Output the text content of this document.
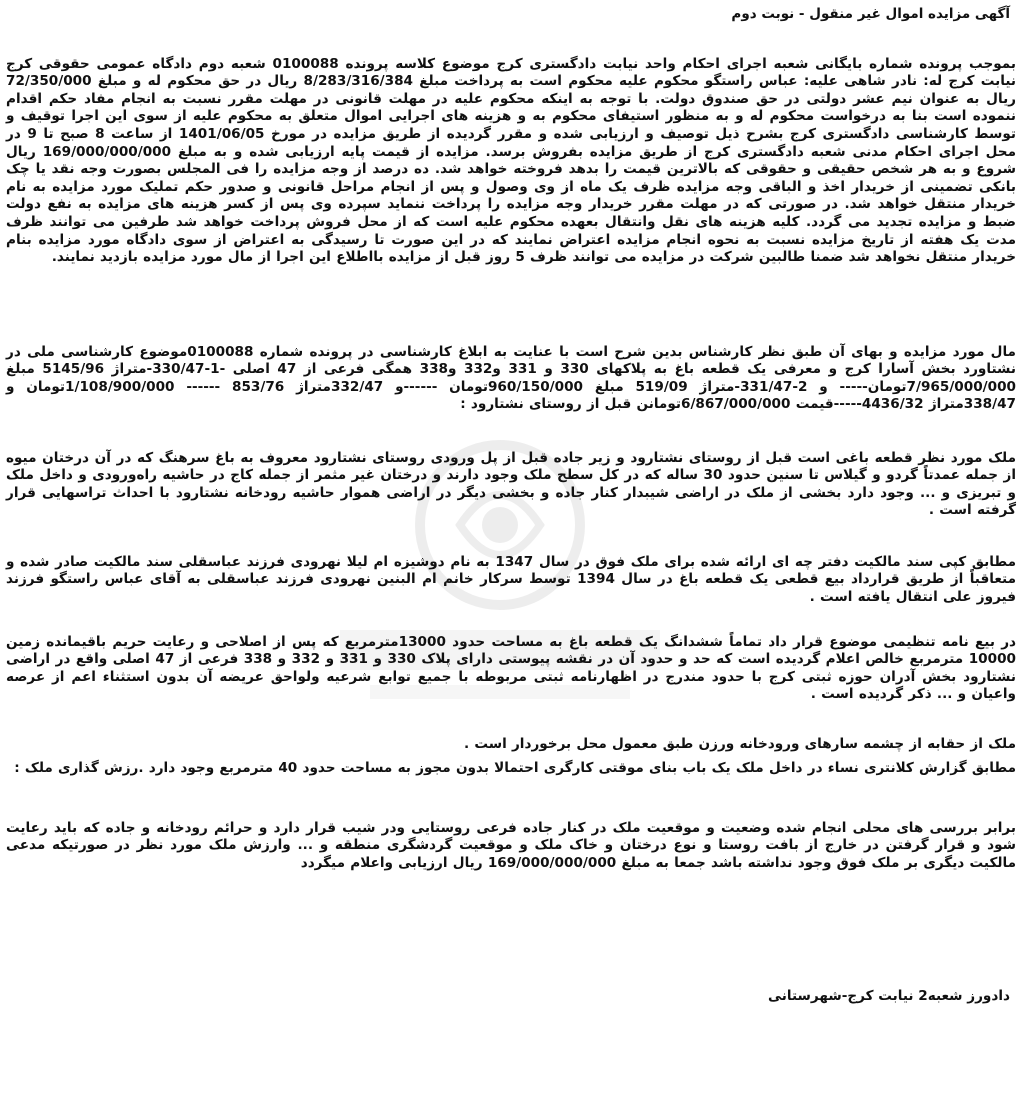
آگهی مزایده اموال غیر منقول - نوبت دوم

بموجب پرونده شماره بایگانی شعبه اجرای احکام واحد نیابت دادگستری کرج موضوع کلاسه پرونده 0100088 شعبه دوم دادگاه عمومی حقوقی کرج نیابت کرج له: نادر شاهی علیه: عباس راستگو محکوم علیه محکوم است به پرداخت مبلغ 8/283/316/384 ریال در حق محکوم له و مبلغ 72/350/000 ریال به عنوان نیم عشر دولتی در حق صندوق دولت. با توجه به اینکه محکوم علیه در مهلت قانونی در مهلت مقرر نسبت به انجام مفاد حکم اقدام ننموده است بنا به درخواست محکوم له و به منظور استیفای محکوم به و هزینه های اجرایی اموال متعلق به محکوم علیه از سوی این اجرا توقیف و توسط کارشناسی دادگستری کرج بشرح ذیل توصیف و ارزیابی شده و مقرر گردیده از طریق مزایده در مورخ 1401/06/05 از ساعت 8 صبح تا 9 در محل اجرای احکام مدنی شعبه دادگستری کرج از طریق مزایده بفروش برسد. مزایده از قیمت پایه ارزیابی شده و به مبلغ 169/000/000/000 ریال شروع و به هر شخص حقیقی و حقوقی که بالاترین قیمت را بدهد فروخته خواهد شد. ده درصد از وجه مزایده را فی المجلس بصورت وجه نقد یا چک بانکی تضمینی از خریدار اخذ و الباقی وجه مزایده ظرف یک ماه از وی وصول و پس از انجام مراحل قانونی و صدور حکم تملیک مورد مزایده به نام خریدار منتقل خواهد شد. در صورتی که در مهلت مقرر خریدار وجه مزایده را پرداخت ننماید سپرده وی پس از کسر هزینه های مزایده به نفع دولت ضبط و مزایده تجدید می گردد. کلیه هزینه های نقل وانتقال بعهده محکوم علیه است که از محل فروش پرداخت خواهد شد طرفین می توانند ظرف مدت یک هفته از تاریخ مزایده نسبت به نحوه انجام مزایده اعتراض نمایند که در این صورت تا رسیدگی به اعتراض از سوی دادگاه مورد مزایده بنام خریدار منتقل نخواهد شد ضمنا طالبین شرکت در مزایده می توانند ظرف 5 روز قبل از مزایده بااطلاع این اجرا از مال مورد مزایده بازدید نمایند.

مال مورد مزایده و بهای آن طبق نظر کارشناس بدین شرح است با عنایت به ابلاغ کارشناسی در پرونده شماره 0100088موضوع کارشناسی ملی در نشتاورد بخش آسارا کرج و معرفی یک قطعه باغ به پلاکهای 330 و 331 و332 و338 همگی فرعی از 47 اصلی -1-330/47-متراژ 5145/96 مبلغ 7/965/000/000تومان----- و 2-331/47-متراژ 519/09 مبلغ 960/150/000تومان ------و 332/47متراژ 853/76 ------ 1/108/900/000تومان و 338/47متراژ 4436/32-----قیمت 6/867/000/000تومانن قبل از روستای نشتارود :

ملک مورد نظر قطعه باغی است قبل از روستای نشتارود و زیر جاده قبل از پل ورودی روستای نشتارود معروف به باغ سرهنگ که در آن درختان میوه از جمله عمدتاً گردو و گیلاس تا سنین حدود 30 ساله که در کل سطح ملک وجود دارند و درختان غیر مثمر از جمله کاج در حاشیه راه‌ورودی و داخل ملک و تبریزی و ... وجود دارد بخشی از ملک در اراضی شیبدار کنار جاده و بخشی دیگر در اراضی هموار حاشیه رودخانه نشتارود با احداث تراسهایی قرار گرفته است .

مطابق کپی سند مالکیت دفتر چه ای ارائه شده برای ملک فوق در سال 1347 به نام دوشیزه ام لیلا نهرودی فرزند عباسقلی سند مالکیت صادر شده و متعاقباً از طریق قرارداد بیع قطعی یک قطعه باغ در سال 1394 توسط سرکار خانم ام البنین نهرودی فرزند عباسقلی به آقای عباس راستگو فرزند فیروز علی انتقال یافته است .

در بیع نامه تنظیمی موضوع قرار داد تماماً ششدانگ یک قطعه باغ به مساحت حدود 13000مترمربع که پس از اصلاحی و رعایت حریم باقیمانده زمین 10000 مترمربع خالص اعلام گردیده است که حد و حدود آن در نقشه پیوستی دارای پلاک 330 و 331 و 332 و 338 فرعی از 47 اصلی واقع در اراضی نشتارود بخش آدران حوزه ثبتی کرج با حدود مندرج در اظهارنامه ثبتی مربوطه با جمیع توابع شرعیه ولواحق عریضه آن بدون استثناء اعم از عرصه واعیان و ... ذکر گردیده است .

ملک از حقابه از چشمه سارهای ورودخانه ورزن طبق معمول محل برخوردار است .

مطابق گزارش کلانتری نساء در داخل ملک یک باب بنای موقتی کارگری احتمالا بدون مجوز به مساحت حدود 40 مترمربع وجود دارد .رزش گذاری ملک :

برابر بررسی های محلی انجام شده وضعیت و موقعیت ملک در کنار جاده فرعی روستایی ودر شیب قرار دارد و حرائم رودخانه و جاده که باید رعایت شود و قرار گرفتن در خارج از بافت روستا و نوع درختان و خاک ملک و موقعیت گردشگری منطقه و ... وارزش ملک مورد نظر در صورتیکه مدعی مالکیت دیگری بر ملک فوق وجود نداشته باشد جمعا به مبلغ 169/000/000/000 ریال ارزیابی واعلام میگردد

دادورز شعبه2 نیابت کرج-شهرستانی
